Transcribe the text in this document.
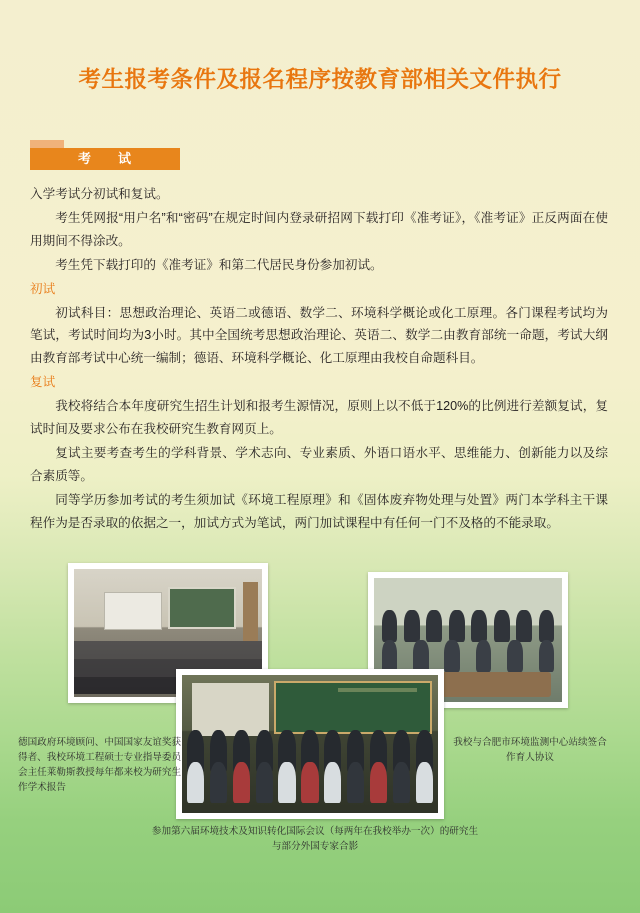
考生报考条件及报名程序按教育部相关文件执行
考　试

入学考试分初试和复试。

考生凭网报“用户名”和“密码”在规定时间内登录研招网下载打印《准考证》，《准考证》正反两面在使用期间不得涂改。

考生凭下载打印的《准考证》和第二代居民身份参加初试。

初试

初试科目：思想政治理论、英语二或德语、数学二、环境科学概论或化工原理。各门课程考试均为笔试，考试时间均为3小时。其中全国统考思想政治理论、英语二、数学二由教育部统一命题，考试大纲由教育部考试中心统一编制；德语、环境科学概论、化工原理由我校自命题科目。

复试

我校将结合本年度研究生招生计划和报考生源情况，原则上以不低于120%的比例进行差额复试，复试时间及要求公布在我校研究生教育网页上。

复试主要考查考生的学科背景、学术志向、专业素质、外语口语水平、思维能力、创新能力以及综合素质等。

同等学历参加考试的考生须加试《环境工程原理》和《固体废弃物处理与处置》两门本学科主干课程作为是否录取的依据之一，加试方式为笔试，两门加试课程中有任何一门不及格的不能录取。

德国政府环境顾问、中国国家友谊奖获得者、我校环境工程硕士专业指导委员会主任莱勒斯教授每年都来校为研究生作学术报告
我校与合肥市环境监测中心站续签合作育人协议
参加第六届环境技术及知识转化国际会议（每两年在我校举办一次）的研究生与部分外国专家合影
